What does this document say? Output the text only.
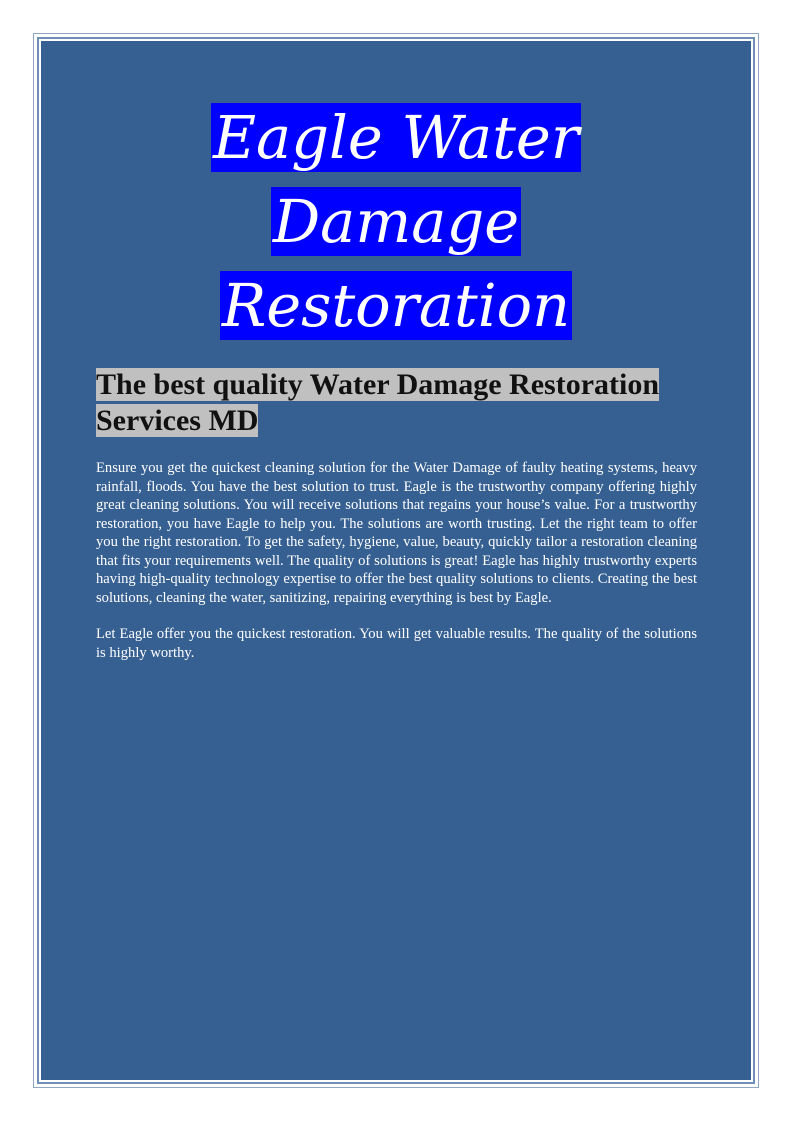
Eagle Water
Damage
Restoration
The best quality Water Damage Restoration Services MD

Ensure you get the quickest cleaning solution for the Water Damage of faulty heating systems, heavy rainfall, floods. You have the best solution to trust. Eagle is the trustworthy company offering highly great cleaning solutions. You will receive solutions that regains your house’s value. For a trustworthy restoration, you have Eagle to help you. The solutions are worth trusting. Let the right team to offer you the right restoration. To get the safety, hygiene, value, beauty, quickly tailor a restoration cleaning that fits your requirements well. The quality of solutions is great! Eagle has highly trustworthy experts having high-quality technology expertise to offer the best quality solutions to clients. Creating the best solutions, cleaning the water, sanitizing, repairing everything is best by Eagle.

Let Eagle offer you the quickest restoration. You will get valuable results. The quality of the solutions is highly worthy.
